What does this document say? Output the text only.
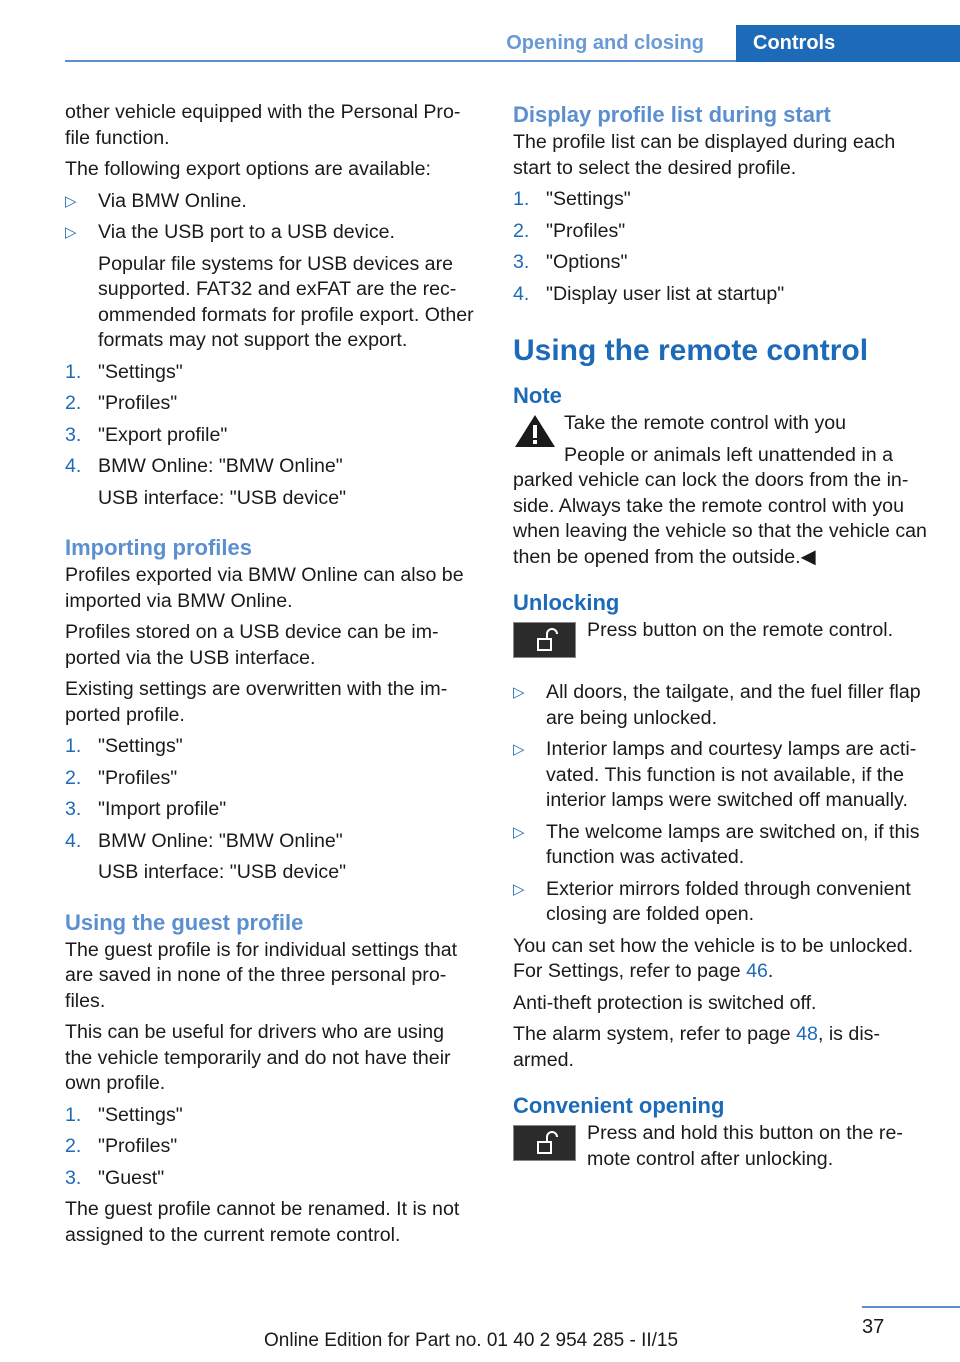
Opening and closing	Controls

other vehicle equipped with the Personal Pro-file function.

The following export options are available:

▷ Via BMW Online.
▷ Via the USB port to a USB device.
Popular file systems for USB devices are supported. FAT32 and exFAT are the rec-ommended formats for profile export. Other formats may not support the export.
1. "Settings"
2. "Profiles"
3. "Export profile"
4. BMW Online: "BMW Online"
USB interface: "USB device"
Importing profiles

Profiles exported via BMW Online can also be imported via BMW Online.

Profiles stored on a USB device can be im-ported via the USB interface.

Existing settings are overwritten with the im-ported profile.

1. "Settings"
2. "Profiles"
3. "Import profile"
4. BMW Online: "BMW Online"
USB interface: "USB device"
Using the guest profile

The guest profile is for individual settings that are saved in none of the three personal pro-files.

This can be useful for drivers who are using the vehicle temporarily and do not have their own profile.

1. "Settings"
2. "Profiles"
3. "Guest"

The guest profile cannot be renamed. It is not assigned to the current remote control.

Display profile list during start

The profile list can be displayed during each start to select the desired profile.

1. "Settings"
2. "Profiles"
3. "Options"
4. "Display user list at startup"
Using the remote control
Note
Take the remote control with you
People or animals left unattended in a

parked vehicle can lock the doors from the in-side. Always take the remote control with you when leaving the vehicle so that the vehicle can then be opened from the outside.◀

Unlocking
Press button on the remote control.
▷ All doors, the tailgate, and the fuel filler flap are being unlocked.
▷ Interior lamps and courtesy lamps are acti-vated. This function is not available, if the interior lamps were switched off manually.
▷ The welcome lamps are switched on, if this function was activated.
▷ Exterior mirrors folded through convenient closing are folded open.

You can set how the vehicle is to be unlocked. For Settings, refer to page 46.

Anti-theft protection is switched off.

The alarm system, refer to page 48, is dis-armed.

Convenient opening
Press and hold this button on the re-mote control after unlocking.
37
Online Edition for Part no. 01 40 2 954 285 - II/15
